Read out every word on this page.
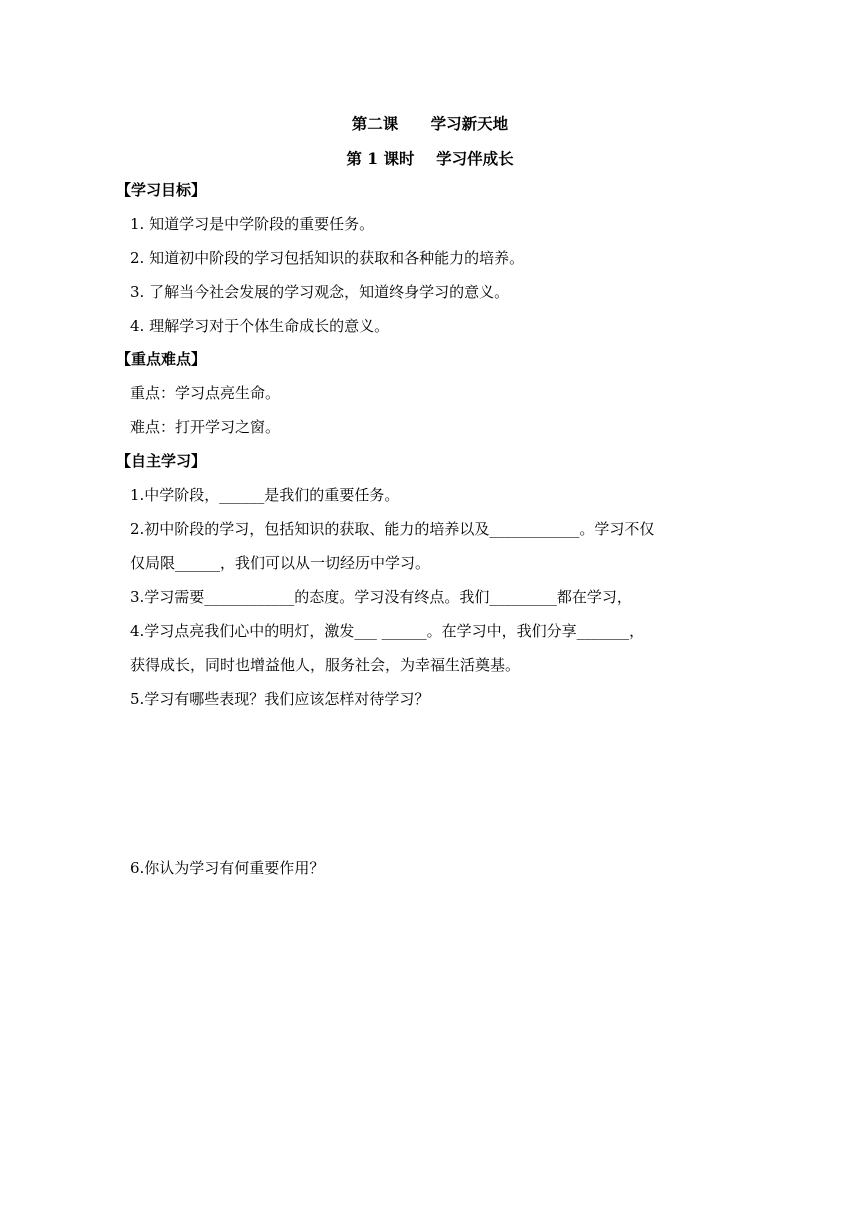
第二课      学习新天地
第 1 课时    学习伴成长
【学习目标】
1. 知道学习是中学阶段的重要任务。
2. 知道初中阶段的学习包括知识的获取和各种能力的培养。
3. 了解当今社会发展的学习观念，知道终身学习的意义。
4. 理解学习对于个体生命成长的意义。
【重点难点】
重点：学习点亮生命。
难点：打开学习之窗。
【自主学习】
1.中学阶段，______是我们的重要任务。
2.初中阶段的学习，包括知识的获取、能力的培养以及____________。学习不仅
仅局限______，我们可以从一切经历中学习。
3.学习需要____________的态度。学习没有终点。我们_________都在学习，
4.学习点亮我们心中的明灯，激发___ ______。在学习中，我们分享_______，
获得成长，同时也增益他人，服务社会，为幸福生活奠基。
5.学习有哪些表现？我们应该怎样对待学习？
6.你认为学习有何重要作用？
